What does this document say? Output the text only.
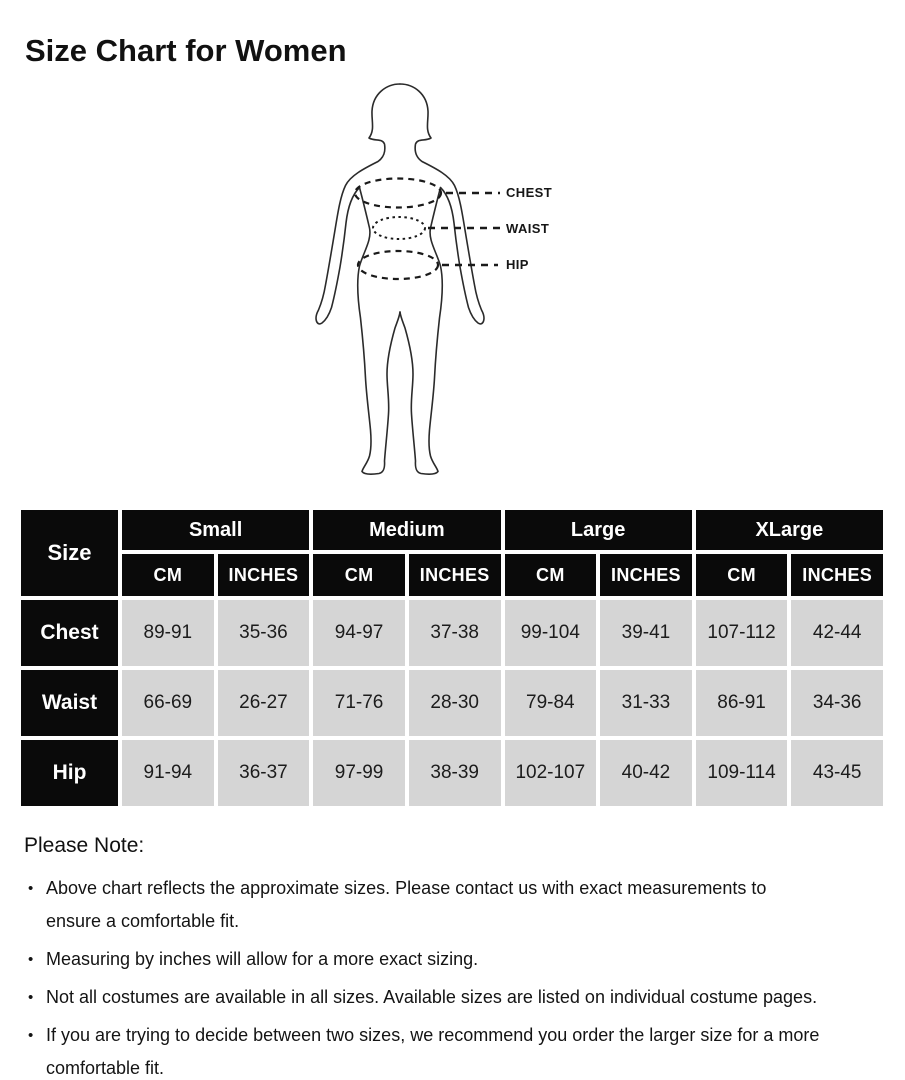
Size Chart for Women
CHEST
WAIST
HIP
Size	Small		Medium		Large		XLarge	
	CM	INCHES	CM	INCHES	CM	INCHES	CM	INCHES
Chest	89-91	35-36	94-97	37-38	99-104	39-41	107-112	42-44
Waist	66-69	26-27	71-76	28-30	79-84	31-33	86-91	34-36
Hip	91-94	36-37	97-99	38-39	102-107	40-42	109-114	43-45

Please Note:

• Above chart reflects the approximate sizes. Please contact us with exact measurements to
ensure a comfortable fit.
• Measuring by inches will allow for a more exact sizing.
• Not all costumes are available in all sizes. Available sizes are listed on individual costume pages.
• If you are trying to decide between two sizes, we recommend you order the larger size for a more
comfortable fit.
